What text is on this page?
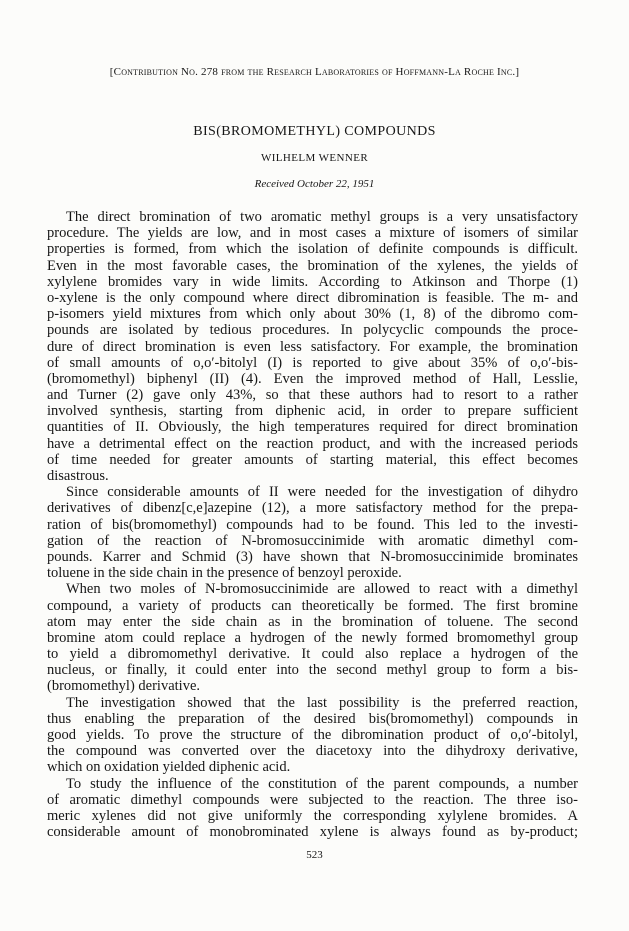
[Contribution No. 278 from the Research Laboratories of Hoffmann-La Roche Inc.]
BIS(BROMOMETHYL) COMPOUNDS
WILHELM WENNER
Received October 22, 1951
The direct bromination of two aromatic methyl groups is a very unsatisfactory
procedure. The yields are low, and in most cases a mixture of isomers of similar
properties is formed, from which the isolation of definite compounds is difficult.
Even in the most favorable cases, the bromination of the xylenes, the yields of
xylylene bromides vary in wide limits. According to Atkinson and Thorpe (1)
o-xylene is the only compound where direct dibromination is feasible. The m- and
p-isomers yield mixtures from which only about 30% (1, 8) of the dibromo com-
pounds are isolated by tedious procedures. In polycyclic compounds the proce-
dure of direct bromination is even less satisfactory. For example, the bromination
of small amounts of o,o′-bitolyl (I) is reported to give about 35% of o,o′-bis-
(bromomethyl) biphenyl (II) (4). Even the improved method of Hall, Lesslie,
and Turner (2) gave only 43%, so that these authors had to resort to a rather
involved synthesis, starting from diphenic acid, in order to prepare sufficient
quantities of II. Obviously, the high temperatures required for direct bromination
have a detrimental effect on the reaction product, and with the increased periods
of time needed for greater amounts of starting material, this effect becomes
disastrous.
Since considerable amounts of II were needed for the investigation of dihydro
derivatives of dibenz[c,e]azepine (12), a more satisfactory method for the prepa-
ration of bis(bromomethyl) compounds had to be found. This led to the investi-
gation of the reaction of N-bromosuccinimide with aromatic dimethyl com-
pounds. Karrer and Schmid (3) have shown that N-bromosuccinimide brominates
toluene in the side chain in the presence of benzoyl peroxide.
When two moles of N-bromosuccinimide are allowed to react with a dimethyl
compound, a variety of products can theoretically be formed. The first bromine
atom may enter the side chain as in the bromination of toluene. The second
bromine atom could replace a hydrogen of the newly formed bromomethyl group
to yield a dibromomethyl derivative. It could also replace a hydrogen of the
nucleus, or finally, it could enter into the second methyl group to form a bis-
(bromomethyl) derivative.
The investigation showed that the last possibility is the preferred reaction,
thus enabling the preparation of the desired bis(bromomethyl) compounds in
good yields. To prove the structure of the dibromination product of o,o′-bitolyl,
the compound was converted over the diacetoxy into the dihydroxy derivative,
which on oxidation yielded diphenic acid.
To study the influence of the constitution of the parent compounds, a number
of aromatic dimethyl compounds were subjected to the reaction. The three iso-
meric xylenes did not give uniformly the corresponding xylylene bromides. A
considerable amount of monobrominated xylene is always found as by-product;
523
